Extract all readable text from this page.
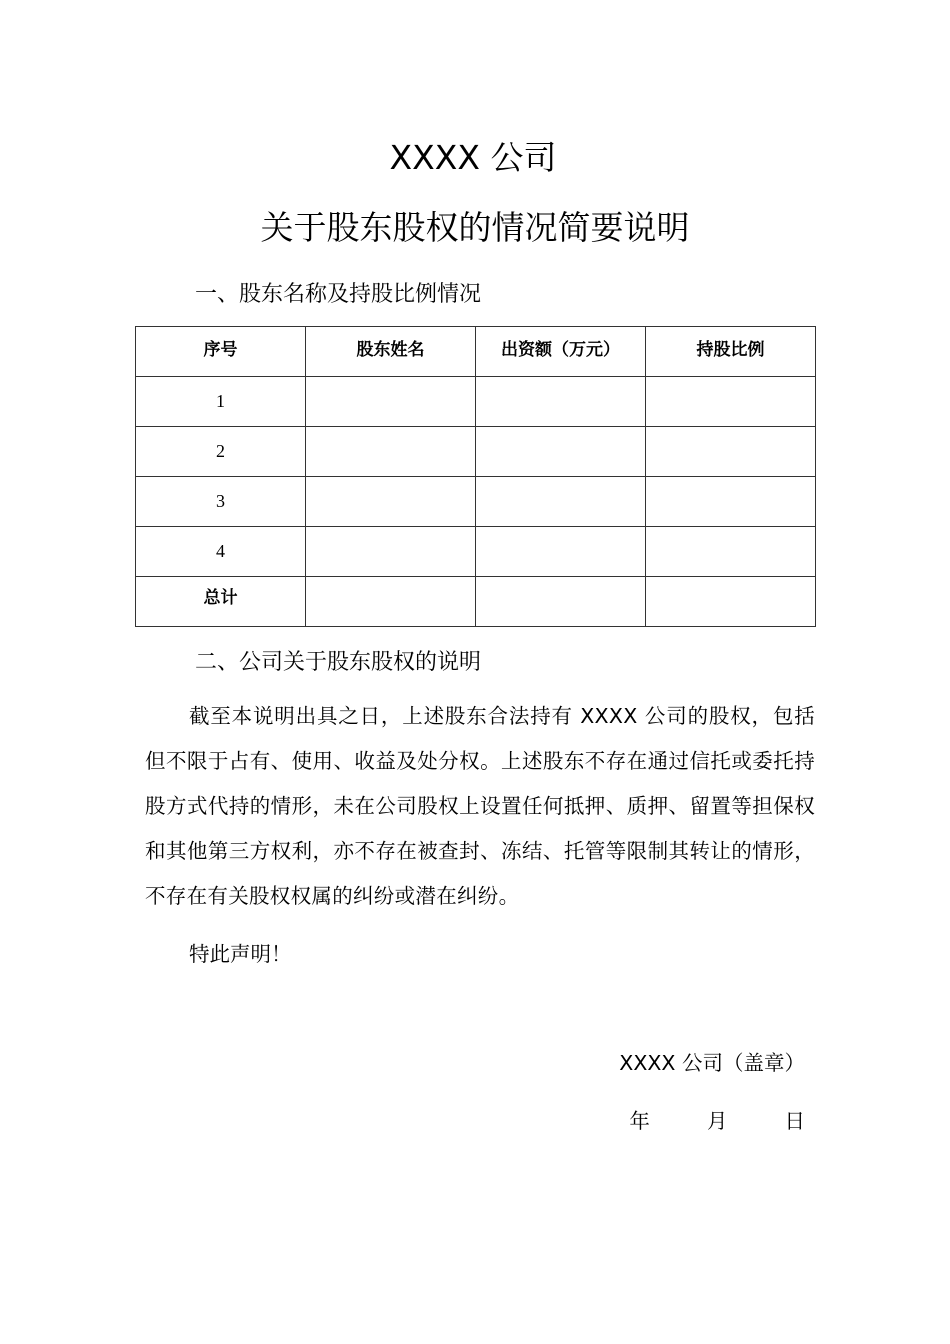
XXXX 公司
关于股东股权的情况简要说明
一、股东名称及持股比例情况
序号	股东姓名	出资额（万元）	持股比例
1			
2			
3			
4			
总计			
二、公司关于股东股权的说明
截至本说明出具之日，上述股东合法持有 XXXX 公司的股权，包括但不限于占有、使用、收益及处分权。上述股东不存在通过信托或委托持股方式代持的情形，未在公司股权上设置任何抵押、质押、留置等担保权和其他第三方权利，亦不存在被查封、冻结、托管等限制其转让的情形，不存在有关股权权属的纠纷或潜在纠纷。
特此声明！
XXXX 公司（盖章）
年  月  日
